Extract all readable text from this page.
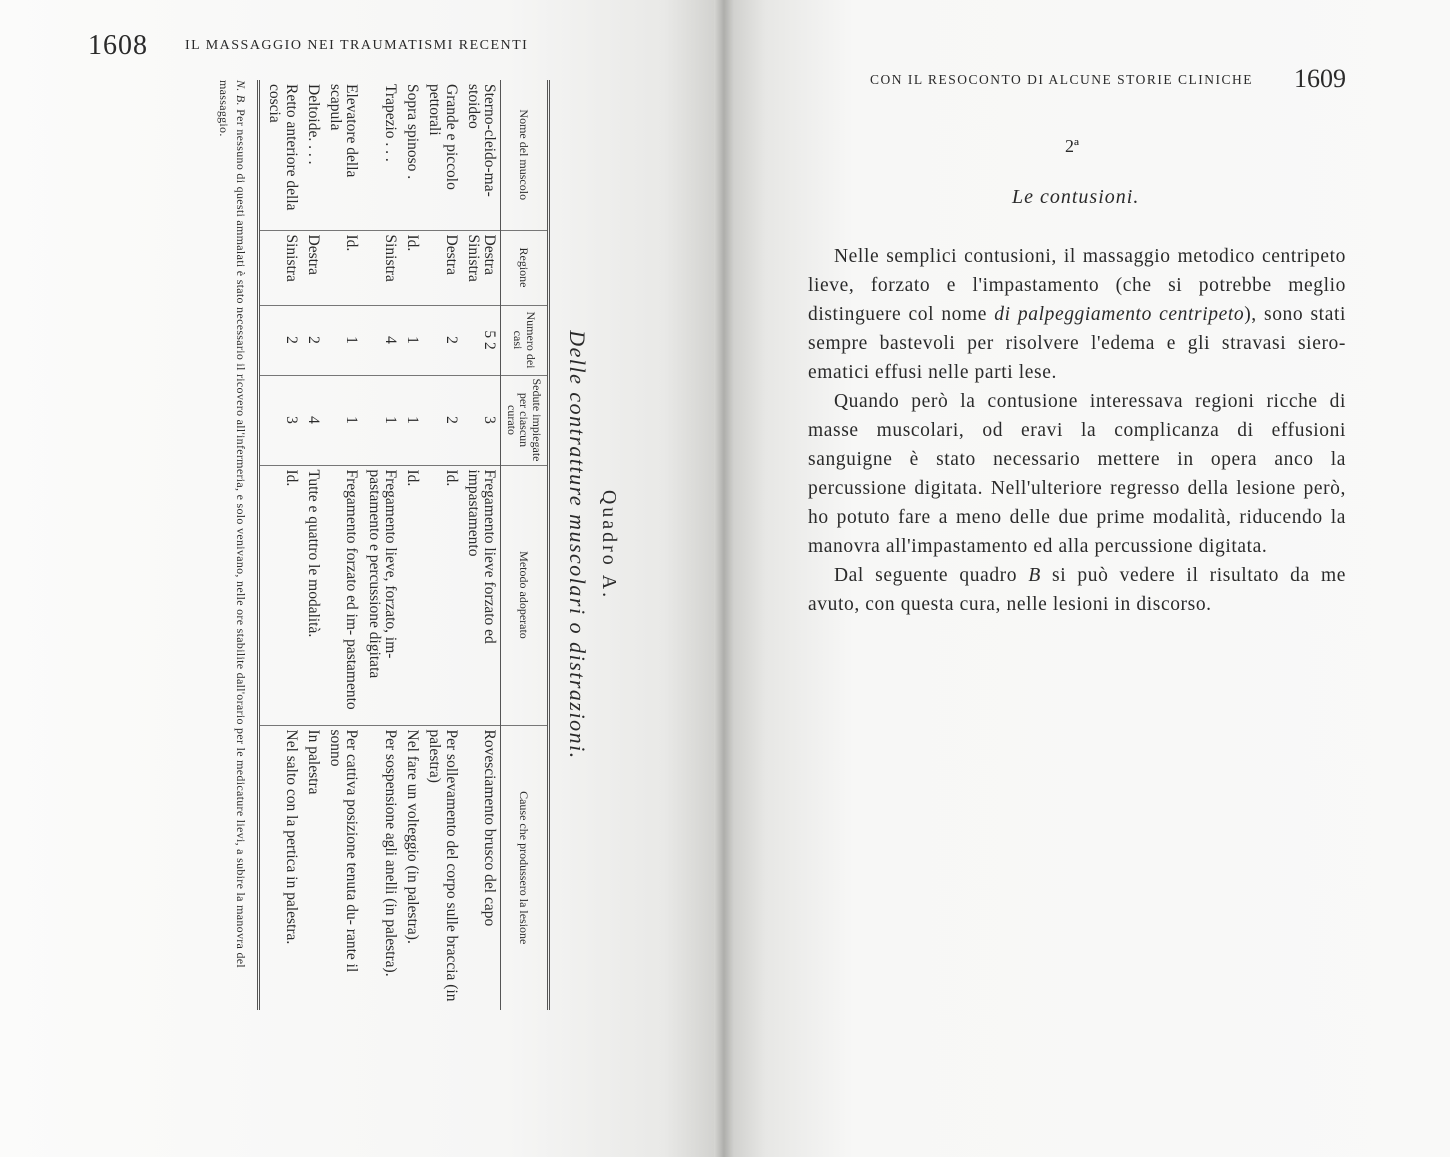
1608	IL MASSAGGIO NEI TRAUMATISMI RECENTI
Quadro A.
Delle contratture muscolari o distrazioni.
Nome del muscolo	Regione	Numero dei casi	Sedute impiegate per ciascun curato	Metodo adoperato	Cause che produssero la lesione
Sterno-cleido-ma- stoideo	Destra Sinistra	5 2	3	Fregamento lieve forzato ed impastamento	Rovesciamento brusco del capo
Grande e piccolo pettorali	Destra	2	2	Id.	Per sollevamento del corpo sulle braccia (in palestra)
Sopra spinoso .	Id.	1	1	Id.	Nel fare un volteggio (in palestra).
Trapezio . . .	Sinistra	4	1	Fregamento lieve, forzato, im- pastamento e percussione digitata	Per sospensione agli anelli (in palestra).
Elevatore della scapula	Id.	1	1	Fregamento forzato ed im- pastamento	Per cattiva posizione tenuta du- rante il sonno
Deltoide. . . .	Destra	2	4	Tutte e quattro le modalità.	In palestra
Retto anteriore della coscia	Sinistra	2	3	Id.	Nel salto con la pertica in palestra.
N. B. Per nessuno di questi ammalati è stato necessario il ricovero all'infermeria, e solo venivano, nelle ore stabilite dall'orario per le medicature lievi, a subire la manovra del massaggio.
CON IL RESOCONTO DI ALCUNE STORIE CLINICHE 1609
2ª
Le contusioni.

Nelle semplici contusioni, il massaggio metodico centripeto lieve, forzato e l'impastamento (che si potrebbe meglio distinguere col nome di palpeggiamento centripeto), sono stati sempre bastevoli per risolvere l'edema e gli stravasi siero-ematici effusi nelle parti lese.

Quando però la contusione interessava regioni ricche di masse muscolari, od eravi la complicanza di effusioni sanguigne è stato necessario mettere in opera anco la percussione digitata. Nell'ulteriore regresso della lesione però, ho potuto fare a meno delle due prime modalità, riducendo la manovra all'impastamento ed alla percussione digitata.

Dal seguente quadro B si può vedere il risultato da me avuto, con questa cura, nelle lesioni in discorso.
